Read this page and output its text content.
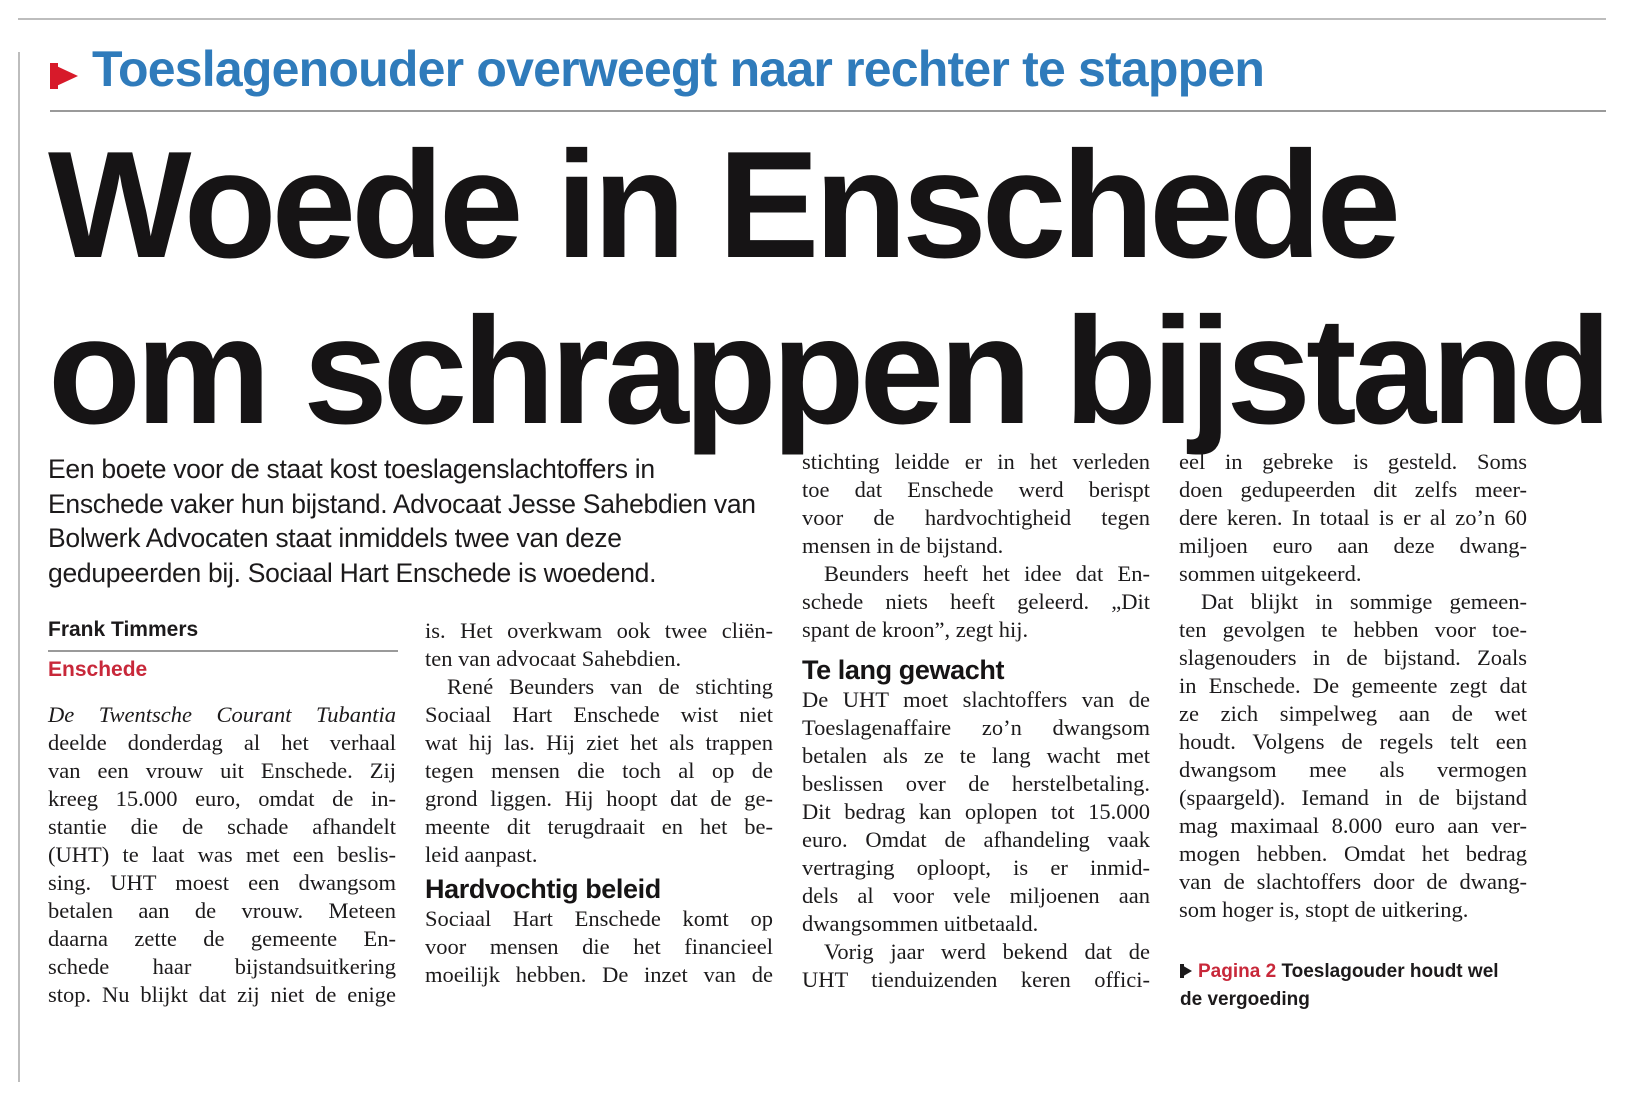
Toeslagenouder overweegt naar rechter te stappen
Woede in Enschede
om schrappen bijstand
Een boete voor de staat kost toeslagenslachtoffers in
Enschede vaker hun bijstand. Advocaat Jesse Sahebdien van
Bolwerk Advocaten staat inmiddels twee van deze
gedupeerden bij. Sociaal Hart Enschede is woedend.
Frank Timmers
Enschede
De Twentsche Courant Tubantia
deelde donderdag al het verhaal
van een vrouw uit Enschede. Zij
kreeg 15.000 euro, omdat de in-
stantie die de schade afhandelt
(UHT) te laat was met een beslis-
sing. UHT moest een dwangsom
betalen aan de vrouw. Meteen
daarna zette de gemeente En-
schede haar bijstandsuitkering
stop. Nu blijkt dat zij niet de enige
is. Het overkwam ook twee cliën-
ten van advocaat Sahebdien.
René Beunders van de stichting
Sociaal Hart Enschede wist niet
wat hij las. Hij ziet het als trappen
tegen mensen die toch al op de
grond liggen. Hij hoopt dat de ge-
meente dit terugdraait en het be-
leid aanpast.
Hardvochtig beleid
Sociaal Hart Enschede komt op
voor mensen die het financieel
moeilijk hebben. De inzet van de
stichting leidde er in het verleden
toe dat Enschede werd berispt
voor de hardvochtigheid tegen
mensen in de bijstand.
Beunders heeft het idee dat En-
schede niets heeft geleerd. „Dit
spant de kroon”, zegt hij.
Te lang gewacht
De UHT moet slachtoffers van de
Toeslagenaffaire zo’n dwangsom
betalen als ze te lang wacht met
beslissen over de herstelbetaling.
Dit bedrag kan oplopen tot 15.000
euro. Omdat de afhandeling vaak
vertraging oploopt, is er inmid-
dels al voor vele miljoenen aan
dwangsommen uitbetaald.
Vorig jaar werd bekend dat de
UHT tienduizenden keren offici-
eel in gebreke is gesteld. Soms
doen gedupeerden dit zelfs meer-
dere keren. In totaal is er al zo’n 60
miljoen euro aan deze dwang-
sommen uitgekeerd.
Dat blijkt in sommige gemeen-
ten gevolgen te hebben voor toe-
slagenouders in de bijstand. Zoals
in Enschede. De gemeente zegt dat
ze zich simpelweg aan de wet
houdt. Volgens de regels telt een
dwangsom mee als vermogen
(spaargeld). Iemand in de bijstand
mag maximaal 8.000 euro aan ver-
mogen hebben. Omdat het bedrag
van de slachtoffers door de dwang-
som hoger is, stopt de uitkering.
Pagina 2 Toeslagouder houdt wel
de vergoeding
